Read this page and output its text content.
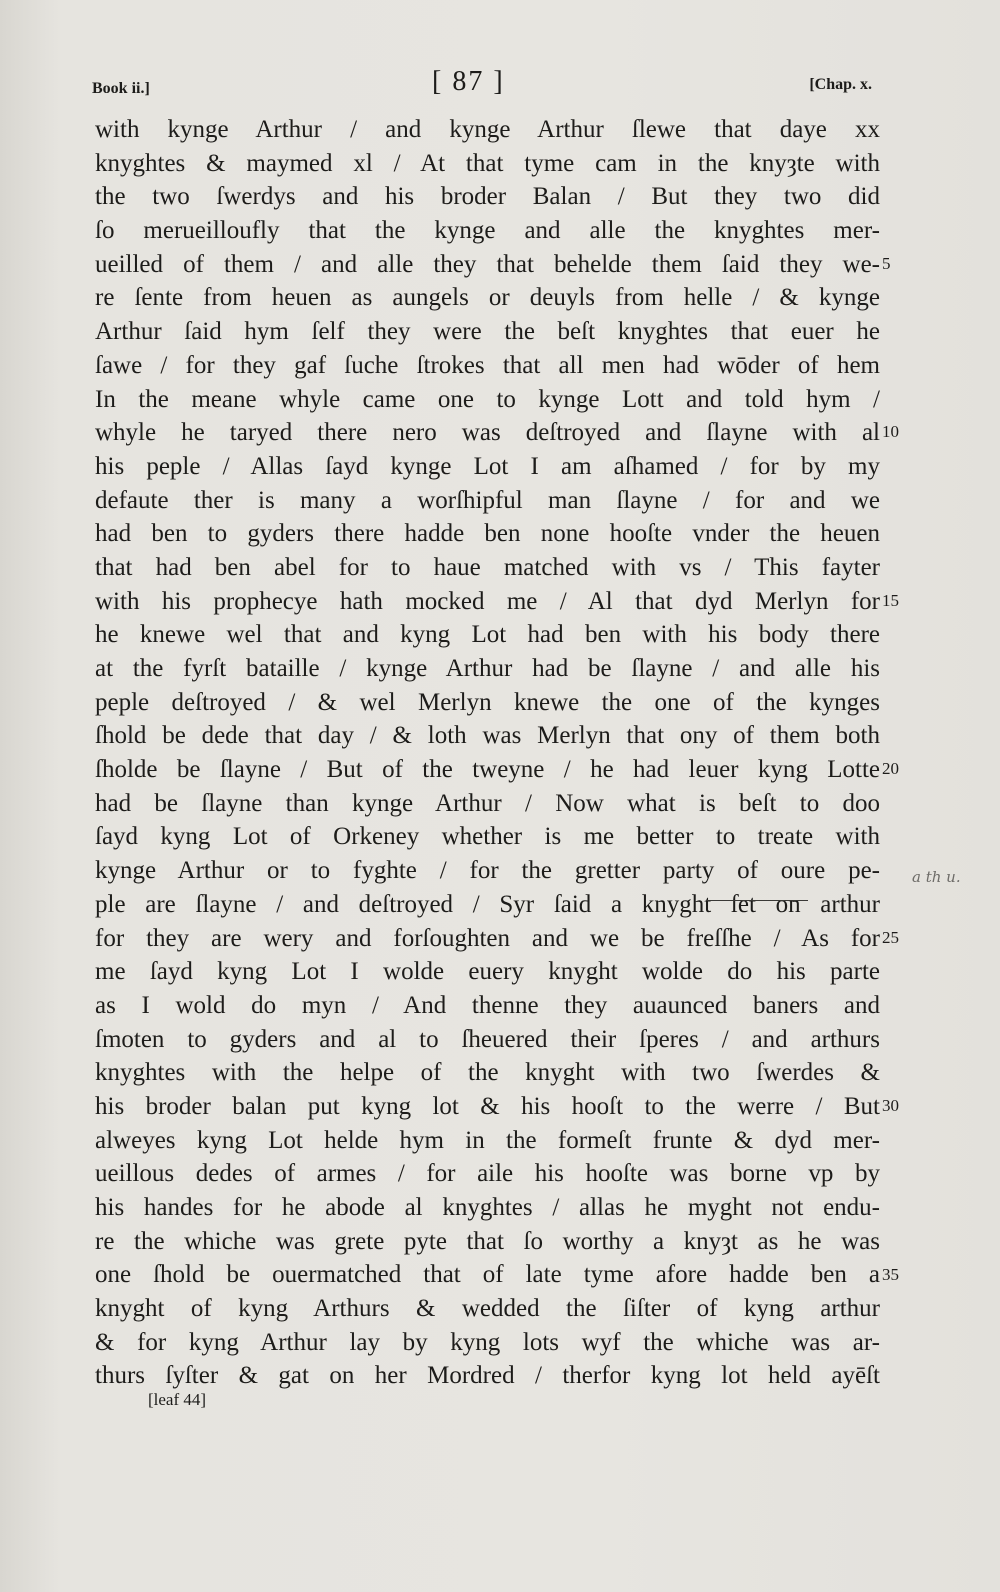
Book ii.]	[ 87 ]	[Chap. x.
with kynge Arthur / and kynge Arthur ſlewe that daye xx
knyghtes & maymed xl / At that tyme cam in the knyȝte with
the two ſwerdys and his broder Balan / But they two did
ſo merueilloufly that the kynge and alle the knyghtes mer-
ueilled of them / and alle they that behelde them ſaid they we-
re ſente from heuen as aungels or deuyls from helle / & kynge
Arthur ſaid hym ſelf they were the beſt knyghtes that euer he
ſawe / for they gaf ſuche ſtrokes that all men had wōder of hem
In the meane whyle came one to kynge Lott and told hym /
whyle he taryed there nero was deſtroyed and ſlayne with al
his peple / Allas ſayd kynge Lot I am aſhamed / for by my
defaute ther is many a worſhipful man ſlayne / for and we
had ben to gyders there hadde ben none hooſte vnder the heuen
that had ben abel for to haue matched with vs / This fayter
with his prophecye hath mocked me / Al that dyd Merlyn for
he knewe wel that and kyng Lot had ben with his body there
at the fyrſt bataille / kynge Arthur had be ſlayne / and alle his
peple deſtroyed / & wel Merlyn knewe the one of the kynges
ſhold be dede that day / & loth was Merlyn that ony of them both
ſholde be ſlayne / But of the tweyne / he had leuer kyng Lotte
had be ſlayne than kynge Arthur / Now what is beſt to doo
ſayd kyng Lot of Orkeney whether is me better to treate with
kynge Arthur or to fyghte / for the gretter party of oure pe-
ple are ſlayne / and deſtroyed / Syr ſaid a knyght ſet on arthur
for they are wery and forſoughten and we be freſſhe / As for
me ſayd kyng Lot I wolde euery knyght wolde do his parte
as I wold do myn / And thenne they auaunced baners and
ſmoten to gyders and al to ſheuered their ſperes / and arthurs
knyghtes with the helpe of the knyght with two ſwerdes &
his broder balan put kyng lot & his hooſt to the werre / But
alweyes kyng Lot helde hym in the formeſt frunte & dyd mer-
ueillous dedes of armes / for aile his hooſte was borne vp by
his handes for he abode al knyghtes / allas he myght not endu-
re the whiche was grete pyte that ſo worthy a knyȝt as he was
one ſhold be ouermatched that of late tyme afore hadde ben a
knyght of kyng Arthurs & wedded the ſiſter of kyng arthur
& for kyng Arthur lay by kyng lots wyf the whiche was ar-
thurs ſyſter & gat on her Mordred / therfor kyng lot held ayēſt
5
10
15
20
25
30
35
a th u.
[leaf 44]
